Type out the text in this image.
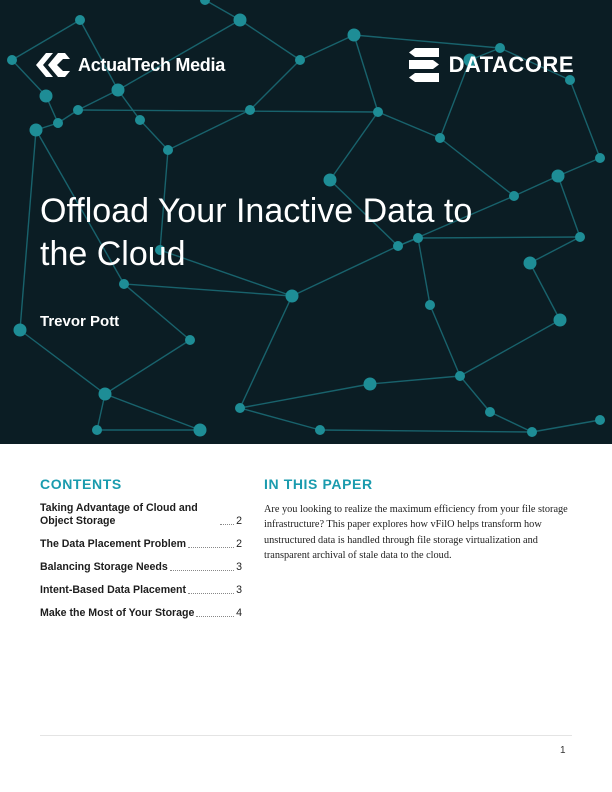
ActualTech Media	DATACORE
Offload Your Inactive Data to the Cloud
Trevor Pott
CONTENTS
Taking Advantage of Cloud and Object Storage	2
The Data Placement Problem	2
Balancing Storage Needs	3
Intent-Based Data Placement	3
Make the Most of Your Storage	4
IN THIS PAPER

Are you looking to realize the maximum efficiency from your file storage infrastructure? This paper explores how vFilO helps transform how unstructured data is handled through file storage virtualization and transparent archival of stale data to the cloud.

1
